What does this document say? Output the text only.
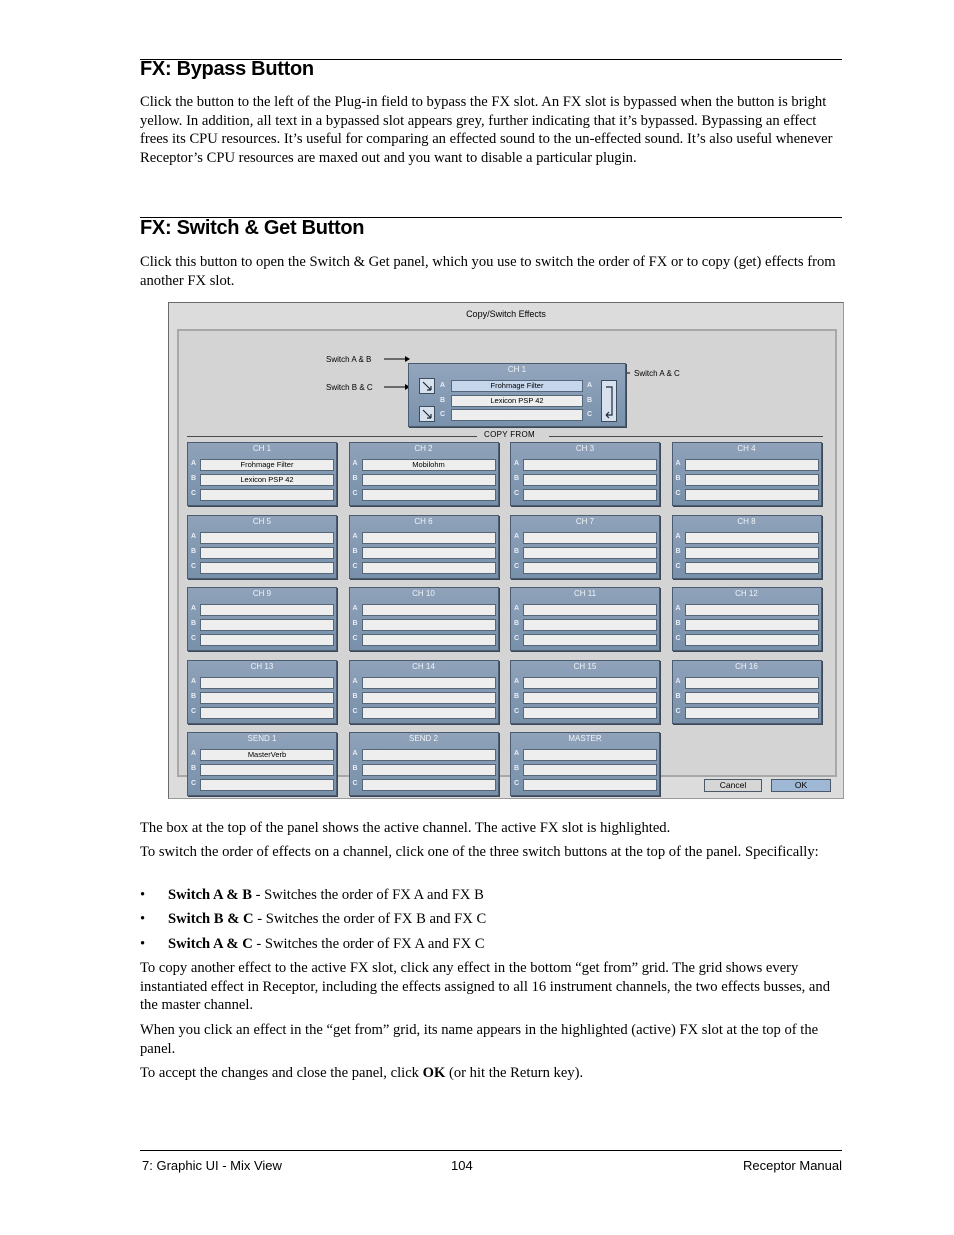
FX: Bypass Button

Click the button to the left of the Plug-in field to bypass the FX slot. An FX slot is bypassed when the button is bright yellow. In addition, all text in a bypassed slot appears grey, further indicating that it’s bypassed. Bypassing an effect frees its CPU resources. It’s useful for comparing an effected sound to the un-effected sound. It’s also useful whenever Receptor’s CPU resources are maxed out and you want to disable a particular plugin.

FX: Switch & Get Button

Click this button to open the Switch & Get panel, which you use to switch the order of FX or to copy (get) effects from another FX slot.

Copy/Switch Effects
Switch A & B
Switch B & C
Switch A & C
CH 1
A
B
C
A
B
C
Frohmage Filter
Lexicon PSP 42
COPY FROM
CH 1
A	Frohmage Filter
B	Lexicon PSP 42
C
CH 2
A	Mobilohm
B
C
CH 3
A
B
C
CH 4
A
B
C
CH 5
A
B
C
CH 6
A
B
C
CH 7
A
B
C
CH 8
A
B
C
CH 9
A
B
C
CH 10
A
B
C
CH 11
A
B
C
CH 12
A
B
C
CH 13
A
B
C
CH 14
A
B
C
CH 15
A
B
C
CH 16
A
B
C
SEND 1
A	MasterVerb
B
C
SEND 2
A
B
C
MASTER
A
B
C	Cancel	OK

The box at the top of the panel shows the active channel. The active FX slot is highlighted.

To switch the order of effects on a channel, click one of the three switch buttons at the top of the panel. Specifically:

• Switch A & B - Switches the order of FX A and FX B
• Switch B & C - Switches the order of FX B and FX C
• Switch A & C - Switches the order of FX A and FX C

To copy another effect to the active FX slot, click any effect in the bottom “get from” grid. The grid shows every instantiated effect in Receptor, including the effects assigned to all 16 instrument channels, the two effects busses, and the master channel.

When you click an effect in the “get from” grid, its name appears in the highlighted (active) FX slot at the top of the panel.

To accept the changes and close the panel, click OK (or hit the Return key).

7: Graphic UI - Mix View	104	Receptor Manual
